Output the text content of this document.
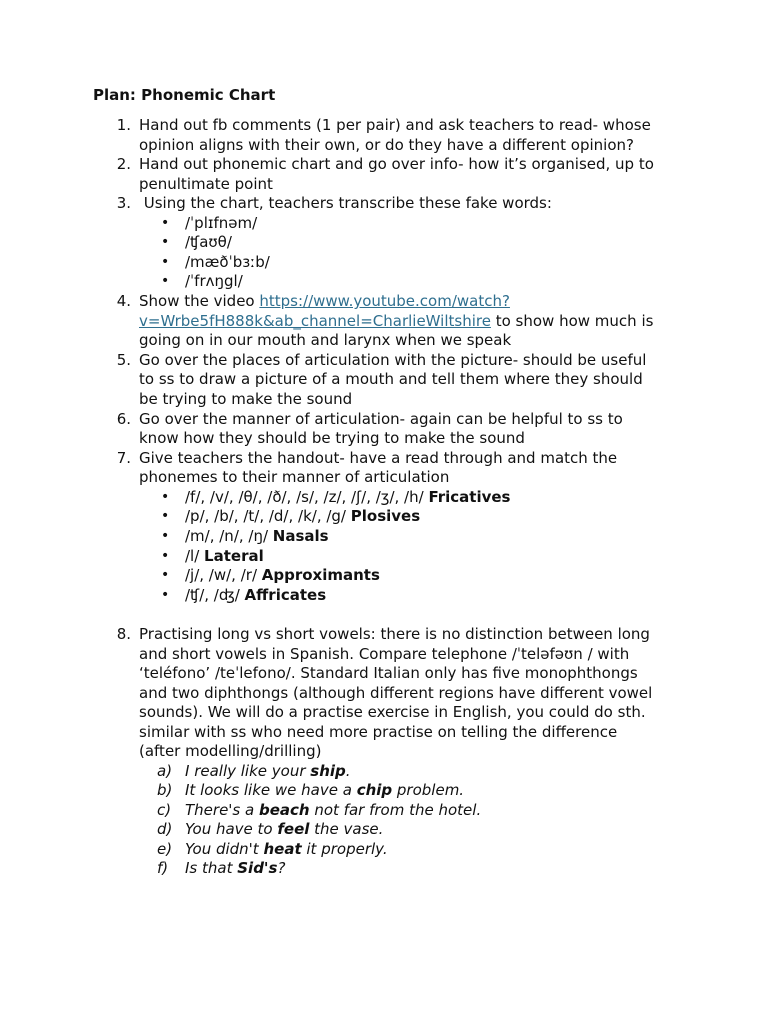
Plan: Phonemic Chart
1. Hand out fb comments (1 per pair) and ask teachers to read- whose
opinion aligns with their own, or do they have a different opinion?
2. Hand out phonemic chart and go over info- how it’s organised, up to
penultimate point
3. Using the chart, teachers transcribe these fake words:
• /ˈplɪfnəm/
• /ʧaʊθ/
• /mæðˈbɜːb/
• /ˈfrʌŋgl/
4. Show the video https://www.youtube.com/watch?
v=Wrbe5fH888k&ab_channel=CharlieWiltshire to show how much is
going on in our mouth and larynx when we speak
5. Go over the places of articulation with the picture- should be useful
to ss to draw a picture of a mouth and tell them where they should
be trying to make the sound
6. Go over the manner of articulation- again can be helpful to ss to
know how they should be trying to make the sound
7. Give teachers the handout- have a read through and match the
phonemes to their manner of articulation
• /f/, /v/, /θ/, /ð/, /s/, /z/, /ʃ/, /ʒ/, /h/ Fricatives
• /p/, /b/, /t/, /d/, /k/, /g/ Plosives
• /m/, /n/, /ŋ/ Nasals
• /l/ Lateral
• /j/, /w/, /r/ Approximants
• /ʧ/, /ʤ/ Affricates
8. Practising long vs short vowels: there is no distinction between long
and short vowels in Spanish. Compare telephone /ˈteləfəʊn / with
‘teléfono’ /teˈlefono/. Standard Italian only has five monophthongs
and two diphthongs (although different regions have different vowel
sounds). We will do a practise exercise in English, you could do sth.
similar with ss who need more practise on telling the difference
(after modelling/drilling)
a) I really like your ship.
b) It looks like we have a chip problem.
c) There's a beach not far from the hotel.
d) You have to feel the vase.
e) You didn't heat it properly.
f)	Is that Sid's?
